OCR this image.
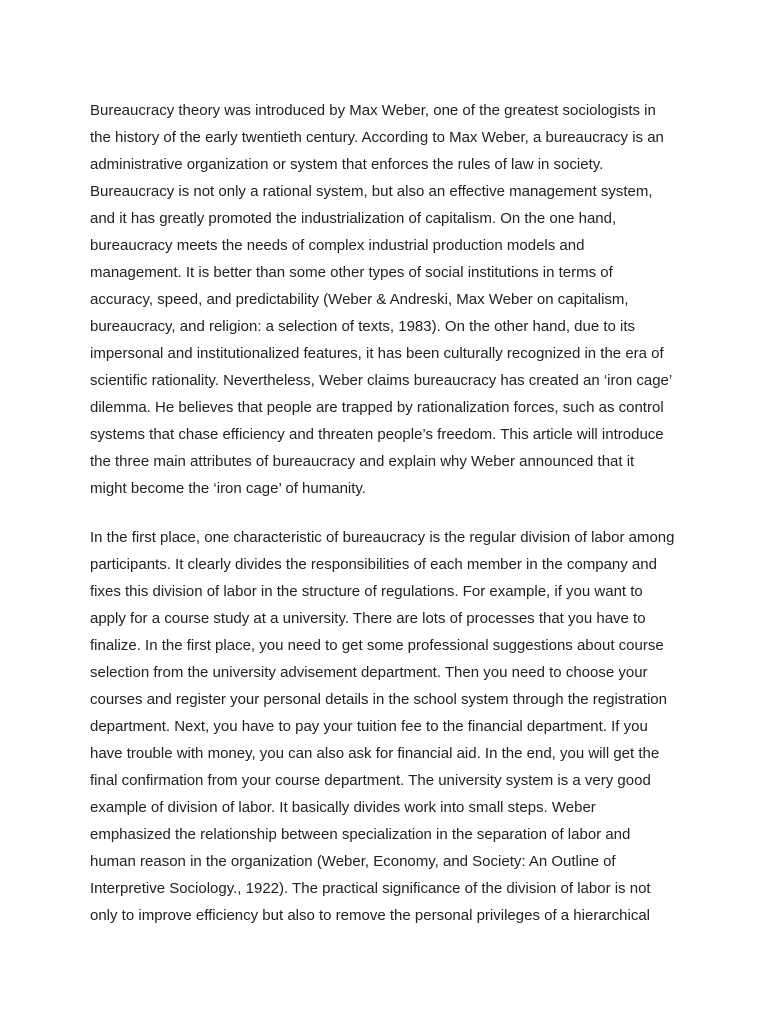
Bureaucracy theory was introduced by Max Weber, one of the greatest sociologists in
the history of the early twentieth century. According to Max Weber, a bureaucracy is an
administrative organization or system that enforces the rules of law in society.
Bureaucracy is not only a rational system, but also an effective management system,
and it has greatly promoted the industrialization of capitalism. On the one hand,
bureaucracy meets the needs of complex industrial production models and
management. It is better than some other types of social institutions in terms of
accuracy, speed, and predictability (Weber & Andreski, Max Weber on capitalism,
bureaucracy, and religion: a selection of texts, 1983). On the other hand, due to its
impersonal and institutionalized features, it has been culturally recognized in the era of
scientific rationality. Nevertheless, Weber claims bureaucracy has created an ‘iron cage’
dilemma. He believes that people are trapped by rationalization forces, such as control
systems that chase efficiency and threaten people’s freedom. This article will introduce
the three main attributes of bureaucracy and explain why Weber announced that it
might become the ‘iron cage’ of humanity.

In the first place, one characteristic of bureaucracy is the regular division of labor among
participants. It clearly divides the responsibilities of each member in the company and
fixes this division of labor in the structure of regulations. For example, if you want to
apply for a course study at a university. There are lots of processes that you have to
finalize. In the first place, you need to get some professional suggestions about course
selection from the university advisement department. Then you need to choose your
courses and register your personal details in the school system through the registration
department. Next, you have to pay your tuition fee to the financial department. If you
have trouble with money, you can also ask for financial aid. In the end, you will get the
final confirmation from your course department. The university system is a very good
example of division of labor. It basically divides work into small steps. Weber
emphasized the relationship between specialization in the separation of labor and
human reason in the organization (Weber, Economy, and Society: An Outline of
Interpretive Sociology., 1922). The practical significance of the division of labor is not
only to improve efficiency but also to remove the personal privileges of a hierarchical
